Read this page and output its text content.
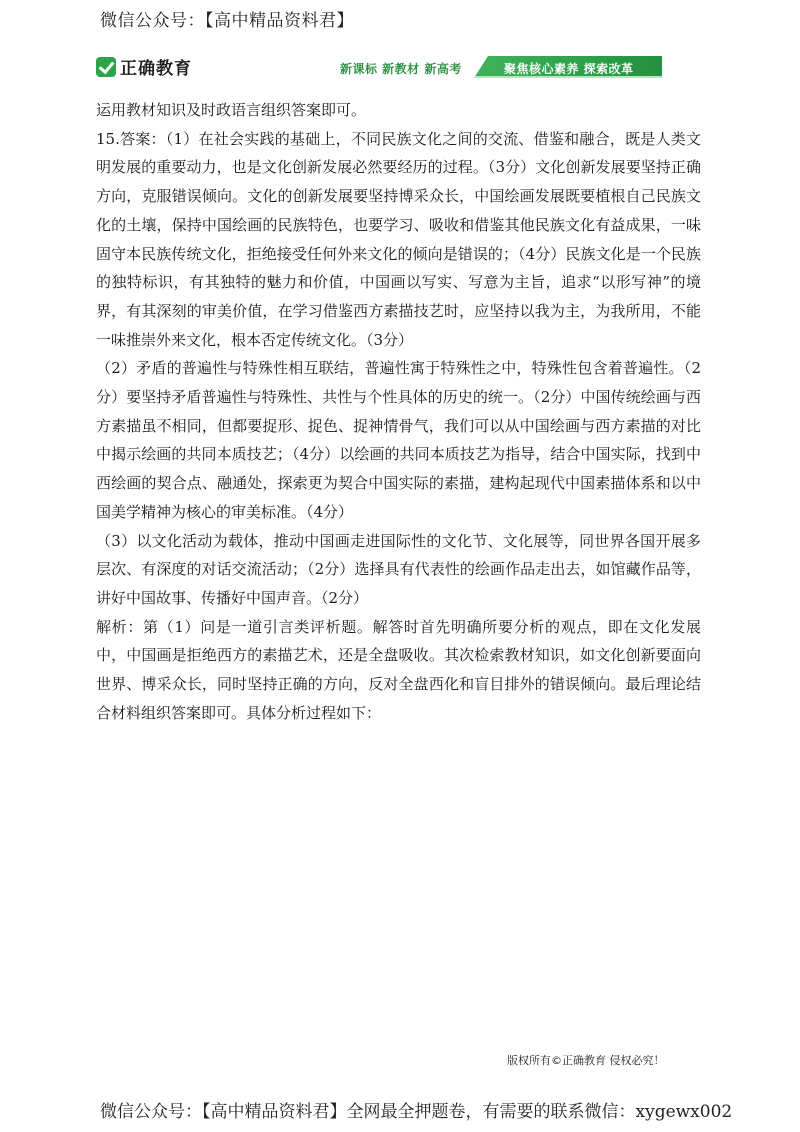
微信公众号：【高中精品资料君】
正确教育	新课标 新教材 新高考	聚焦核心素养 探索改革

运用教材知识及时政语言组织答案即可。

15.答案：（1）在社会实践的基础上，不同民族文化之间的交流、借鉴和融合，既是人类文明发展的重要动力，也是文化创新发展必然要经历的过程。（3分）文化创新发展要坚持正确方向，克服错误倾向。文化的创新发展要坚持博采众长，中国绘画发展既要植根自己民族文化的土壤，保持中国绘画的民族特色，也要学习、吸收和借鉴其他民族文化有益成果，一味固守本民族传统文化，拒绝接受任何外来文化的倾向是错误的；（4分）民族文化是一个民族的独特标识，有其独特的魅力和价值，中国画以写实、写意为主旨，追求“以形写神”的境界，有其深刻的审美价值，在学习借鉴西方素描技艺时，应坚持以我为主，为我所用，不能一味推崇外来文化，根本否定传统文化。（3分）

（2）矛盾的普遍性与特殊性相互联结，普遍性寓于特殊性之中，特殊性包含着普遍性。（2分）要坚持矛盾普遍性与特殊性、共性与个性具体的历史的统一。（2分）中国传统绘画与西方素描虽不相同，但都要捉形、捉色、捉神情骨气，我们可以从中国绘画与西方素描的对比中揭示绘画的共同本质技艺；（4分）以绘画的共同本质技艺为指导，结合中国实际，找到中西绘画的契合点、融通处，探索更为契合中国实际的素描，建构起现代中国素描体系和以中国美学精神为核心的审美标准。（4分）

（3）以文化活动为载体，推动中国画走进国际性的文化节、文化展等，同世界各国开展多层次、有深度的对话交流活动；（2分）选择具有代表性的绘画作品走出去，如馆藏作品等，讲好中国故事、传播好中国声音。（2分）

解析：第（1）问是一道引言类评析题。解答时首先明确所要分析的观点，即在文化发展中，中国画是拒绝西方的素描艺术，还是全盘吸收。其次检索教材知识，如文化创新要面向世界、博采众长，同时坚持正确的方向，反对全盘西化和盲目排外的错误倾向。最后理论结合材料组织答案即可。具体分析过程如下：

版权所有©正确教育 侵权必究！
微信公众号：【高中精品资料君】全网最全押题卷，有需要的联系微信：xygewx002
